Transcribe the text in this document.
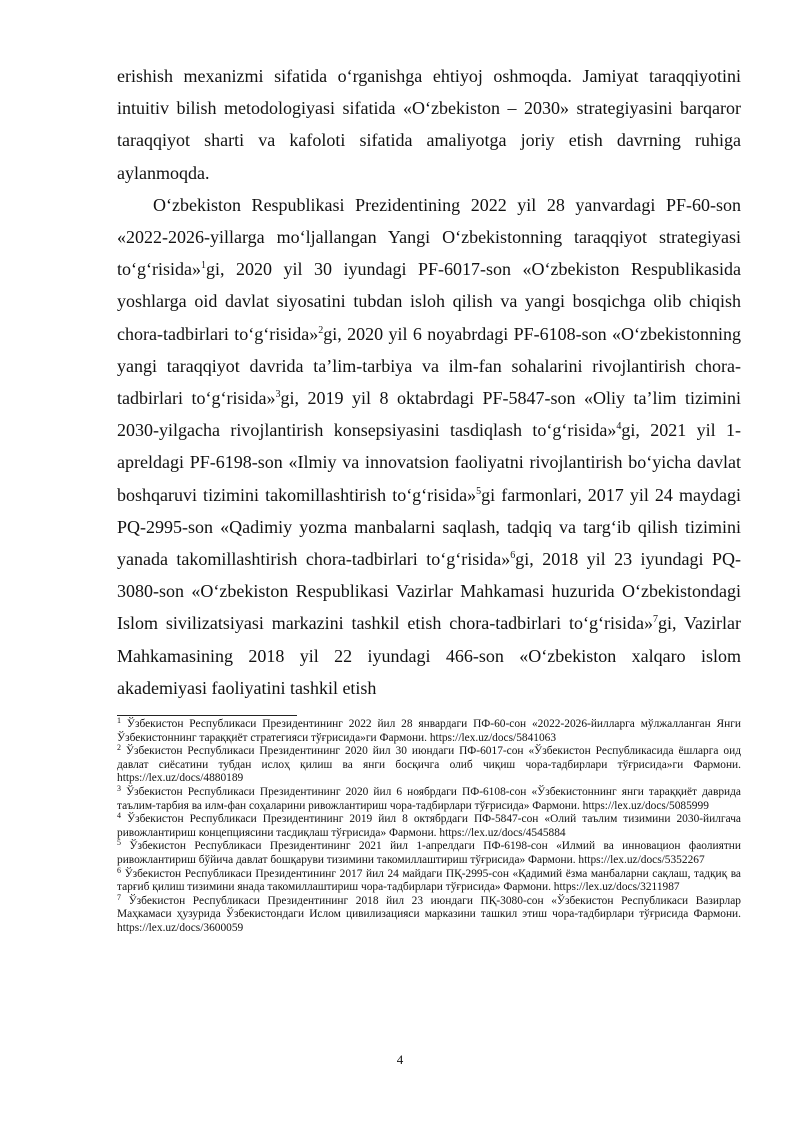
erishish mexanizmi sifatida oʻrganishga ehtiyoj oshmoqda. Jamiyat taraqqiyotini intuitiv bilish metodologiyasi sifatida «Oʻzbekiston – 2030» strategiyasini barqaror taraqqiyot sharti va kafoloti sifatida amaliyotga joriy etish davrning ruhiga aylanmoqda.

Oʻzbekiston Respublikasi Prezidentining 2022 yil 28 yanvardagi PF-60-son «2022-2026-yillarga moʻljallangan Yangi Oʻzbekistonning taraqqiyot strategiyasi toʻgʻrisida»$^1$gi, 2020 yil 30 iyundagi PF-6017-son «Oʻzbekiston Respublikasida yoshlarga oid davlat siyosatini tubdan isloh qilish va yangi bosqichga olib chiqish chora-tadbirlari toʻgʻrisida»$^2$gi, 2020 yil 6 noyabrdagi PF-6108-son «Oʻzbekistonning yangi taraqqiyot davrida ta’lim-tarbiya va ilm-fan sohalarini rivojlantirish chora-tadbirlari toʻgʻrisida»$^3$gi, 2019 yil 8 oktabrdagi PF-5847-son «Oliy ta’lim tizimini 2030-yilgacha rivojlantirish konsepsiyasini tasdiqlash toʻgʻrisida»$^4$gi, 2021 yil 1-apreldagi PF-6198-son «Ilmiy va innovatsion faoliyatni rivojlantirish boʻyicha davlat boshqaruvi tizimini takomillashtirish toʻgʻrisida»$^5$gi farmonlari, 2017 yil 24 maydagi PQ-2995-son «Qadimiy yozma manbalarni saqlash, tadqiq va targʻib qilish tizimini yanada takomillashtirish chora-tadbirlari toʻgʻrisida»$^6$gi, 2018 yil 23 iyundagi PQ-3080-son «Oʻzbekiston Respublikasi Vazirlar Mahkamasi huzurida Oʻzbekistondagi Islom sivilizatsiyasi markazini tashkil etish chora-tadbirlari toʻgʻrisida»$^7$gi, Vazirlar Mahkamasining 2018 yil 22 iyundagi 466-son «Oʻzbekiston xalqaro islom akademiyasi faoliyatini tashkil etish

$^1$ Ўзбекистон Республикаси Президентининг 2022 йил 28 январдаги ПФ-60-сон «2022-2026-йилларга мўлжалланган Янги Ўзбекистоннинг тараққиёт стратегияси тўғрисида»ги Фармони. https://lex.uz/docs/5841063

$^2$ Ўзбекистон Республикаси Президентининг 2020 йил 30 июндаги ПФ-6017-сон «Ўзбекистон Республикасида ёшларга оид давлат сиёсатини тубдан ислоҳ қилиш ва янги босқичга олиб чиқиш чора-тадбирлари тўғрисида»ги Фармони. https://lex.uz/docs/4880189

$^3$ Ўзбекистон Республикаси Президентининг 2020 йил 6 ноябрдаги ПФ-6108-сон «Ўзбекистоннинг янги тараққиёт даврида таълим-тарбия ва илм-фан соҳаларини ривожлантириш чора-тадбирлари тўғрисида» Фармони. https://lex.uz/docs/5085999

$^4$ Ўзбекистон Республикаси Президентининг 2019 йил 8 октябрдаги ПФ-5847-сон «Олий таълим тизимини 2030-йилгача ривожлантириш концепциясини тасдиқлаш тўғрисида» Фармони. https://lex.uz/docs/4545884

$^5$ Ўзбекистон Республикаси Президентининг 2021 йил 1-апрелдаги ПФ-6198-сон «Илмий ва инновацион фаолиятни ривожлантириш бўйича давлат бошқаруви тизимини такомиллаштириш тўғрисида» Фармони. https://lex.uz/docs/5352267

$^6$ Ўзбекистон Республикаси Президентининг 2017 йил 24 майдаги ПҚ-2995-сон «Қадимий ёзма манбаларни сақлаш, тадқиқ ва тарғиб қилиш тизимини янада такомиллаштириш чора-тадбирлари тўғрисида» Фармони. https://lex.uz/docs/3211987

$^7$ Ўзбекистон Республикаси Президентининг 2018 йил 23 июндаги ПҚ-3080-сон «Ўзбекистон Республикаси Вазирлар Маҳкамаси ҳузурида Ўзбекистондаги Ислом цивилизацияси марказини ташкил этиш чора-тадбирлари тўғрисида Фармони. https://lex.uz/docs/3600059

4
